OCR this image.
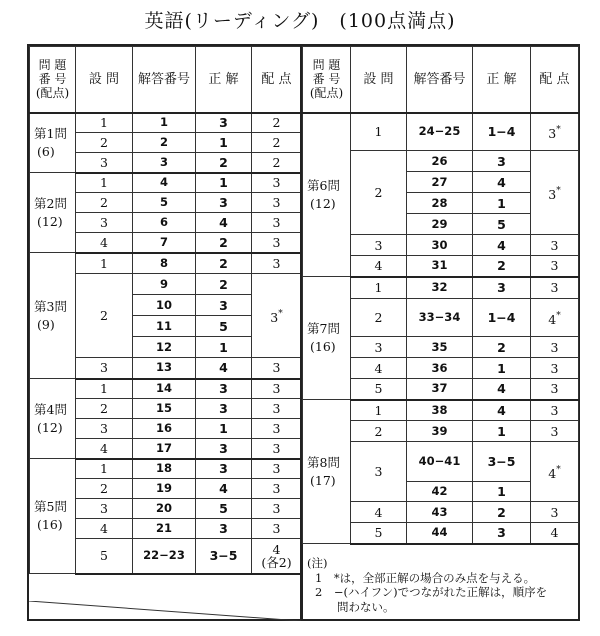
英語(リーディング)　(100点満点)
問 題
番 号
(配点)	設 問	解答番号	正 解	配 点

第1問
(6)	1	1	3	2
	2	2	1	2
	3	3	2	2

第2問
(12)	1	4	1	3
	2	5	3	3
	3	6	4	3
	4	7	2	3

第3問
(9)	1	8	2	3
	2	9	2	3*
		10	3	
		11	5	
		12	1	
	3	13	4	3

第4問
(12)	1	14	3	3
	2	15	3	3
	3	16	1	3
	4	17	3	3

第5問
(16)	1	18	3	3
	2	19	4	3
	3	20	5	3
	4	21	3	3
	5	22−23	3−5	4
(各2)
問 題
番 号
(配点)	設 問	解答番号	正 解	配 点

第6問
(12)	1	24−25	1−4	3*
	2	26	3	3*
		27	4	
		28	1	
		29	5	
	3	30	4	3
	4	31	2	3

第7問
(16)	1	32	3	3
	2	33−34	1−4	4*
	3	35	2	3
	4	36	1	3
	5	37	4	3

第8問
(17)	1	38	4	3
	2	39	1	3
	3	40−41	3−5	4*
		42	1	
	4	43	2	3
	5	44	3	4
(注)
1　*は，全部正解の場合のみ点を与える。
2　−(ハイフン)でつながれた正解は，順序を
問わない。
